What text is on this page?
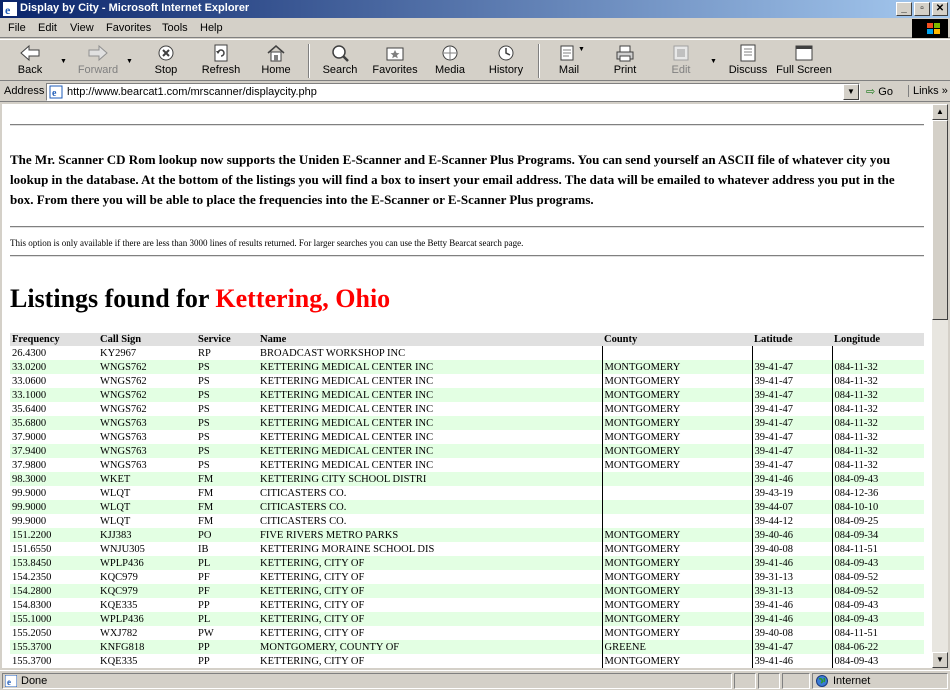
e Display by City - Microsoft Internet Explorer	_	▫	✕
File Edit View Favorites Tools Help
Back
▼
Forward
▼
Stop	Refresh	Home	Search	Favorites	Media	History	Mail
▼
Print	Edit
▼
Discuss Full Screen
Address e http://www.bearcat1.com/mrscanner/displaycity.php	▼	⇨ Go	Links »
The Mr. Scanner CD Rom lookup now supports the Uniden E-Scanner and E-Scanner Plus Programs. You can send yourself an ASCII file of whatever city you lookup in the database. At the bottom of the listings you will find a box to insert your email address. The data will be emailed to whatever address you put in the box. From there you will be able to place the frequencies into the E-Scanner or E-Scanner Plus programs.
This option is only available if there are less than 3000 lines of results returned. For larger searches you can use the Betty Bearcat search page.
Listings found for Kettering, Ohio
Frequency	Call Sign	Service	Name	County	Latitude	Longitude
26.4300	KY2967	RP	BROADCAST WORKSHOP INC			
33.0200	WNGS762	PS	KETTERING MEDICAL CENTER INC	MONTGOMERY	39-41-47	084-11-32
33.0600	WNGS762	PS	KETTERING MEDICAL CENTER INC	MONTGOMERY	39-41-47	084-11-32
33.1000	WNGS762	PS	KETTERING MEDICAL CENTER INC	MONTGOMERY	39-41-47	084-11-32
35.6400	WNGS762	PS	KETTERING MEDICAL CENTER INC	MONTGOMERY	39-41-47	084-11-32
35.6800	WNGS763	PS	KETTERING MEDICAL CENTER INC	MONTGOMERY	39-41-47	084-11-32
37.9000	WNGS763	PS	KETTERING MEDICAL CENTER INC	MONTGOMERY	39-41-47	084-11-32
37.9400	WNGS763	PS	KETTERING MEDICAL CENTER INC	MONTGOMERY	39-41-47	084-11-32
37.9800	WNGS763	PS	KETTERING MEDICAL CENTER INC	MONTGOMERY	39-41-47	084-11-32
98.3000	WKET	FM	KETTERING CITY SCHOOL DISTRI		39-41-46	084-09-43
99.9000	WLQT	FM	CITICASTERS CO.		39-43-19	084-12-36
99.9000	WLQT	FM	CITICASTERS CO.		39-44-07	084-10-10
99.9000	WLQT	FM	CITICASTERS CO.		39-44-12	084-09-25
151.2200	KJJ383	PO	FIVE RIVERS METRO PARKS	MONTGOMERY	39-40-46	084-09-34
151.6550	WNJU305	IB	KETTERING MORAINE SCHOOL DIS	MONTGOMERY	39-40-08	084-11-51
153.8450	WPLP436	PL	KETTERING, CITY OF	MONTGOMERY	39-41-46	084-09-43
154.2350	KQC979	PF	KETTERING, CITY OF	MONTGOMERY	39-31-13	084-09-52
154.2800	KQC979	PF	KETTERING, CITY OF	MONTGOMERY	39-31-13	084-09-52
154.8300	KQE335	PP	KETTERING, CITY OF	MONTGOMERY	39-41-46	084-09-43
155.1000	WPLP436	PL	KETTERING, CITY OF	MONTGOMERY	39-41-46	084-09-43
155.2050	WXJ782	PW	KETTERING, CITY OF	MONTGOMERY	39-40-08	084-11-51
155.3700	KNFG818	PP	MONTGOMERY, COUNTY OF	GREENE	39-41-47	084-06-22
155.3700	KQE335	PP	KETTERING, CITY OF	MONTGOMERY	39-41-46	084-09-43
▲
▼
e Done	Internet
